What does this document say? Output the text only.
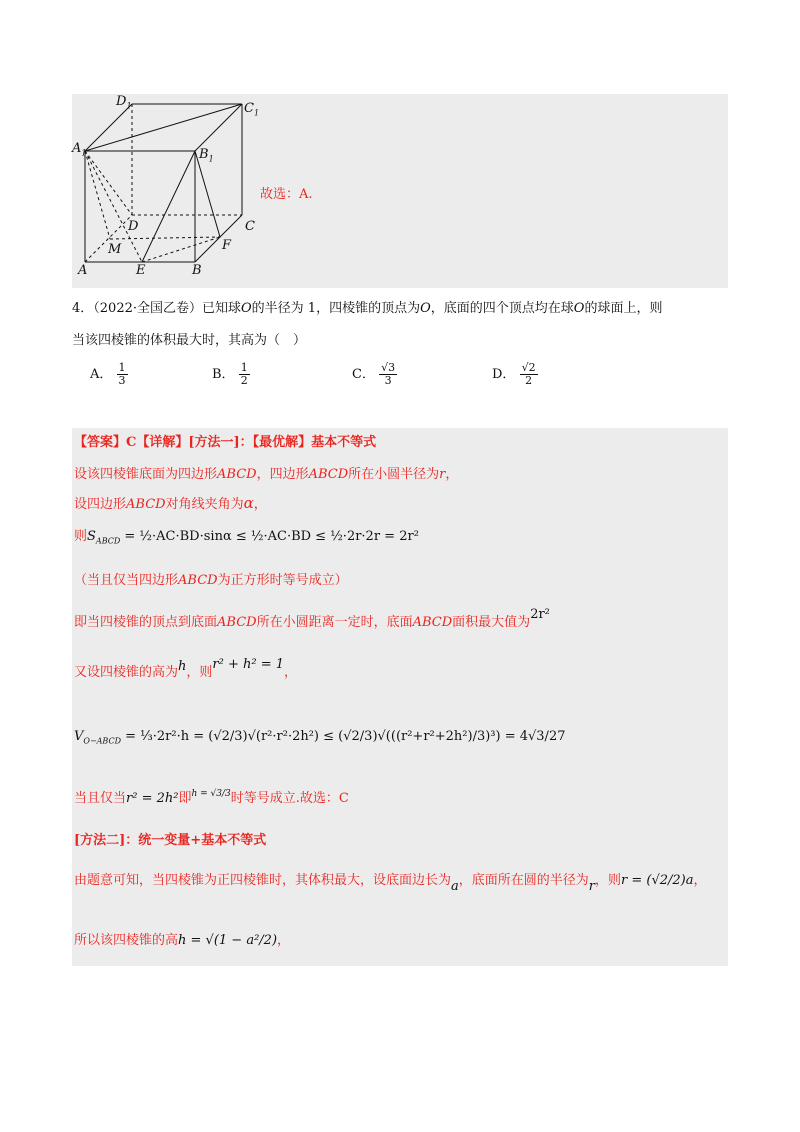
$D_1$	$C_1$
$A_1$	$B_1$
D	C
M	F
A	E	B
故选：A.
4．（2022·全国乙卷）已知球O的半径为 1，四棱锥的顶点为O，底面的四个顶点均在球O的球面上，则
当该四棱锥的体积最大时，其高为（　）
A． $\frac{1}{3}$	B． $\frac{1}{2}$	C． $\frac{√3}{3}$	D． $\frac{√2}{2}$
【答案】C【详解】[方法一]：【最优解】基本不等式
设该四棱锥底面为四边形ABCD，四边形ABCD所在小圆半径为r，
设四边形ABCD对角线夹角为α，
则$S_{ABCD}$ = ½·AC·BD·sinα ≤ ½·AC·BD ≤ ½·2r·2r = 2r²
（当且仅当四边形ABCD为正方形时等号成立）
即当四棱锥的顶点到底面ABCD所在小圆距离一定时，底面ABCD面积最大值为2r²
又设四棱锥的高为h，则r² + h² = 1，
$V_{O-ABCD}$ = ⅓·2r²·h = (√2/3)√(r²·r²·2h²) ≤ (√2/3)√(((r²+r²+2h²)/3)³) = 4√3/27
当且仅当r² = 2h²即$^{h = √3/3}$时等号成立.故选：C
[方法二]：统一变量+基本不等式
由题意可知，当四棱锥为正四棱锥时，其体积最大，设底面边长为a，底面所在圆的半径为r，则r = (√2/2)a，
所以该四棱锥的高h = √(1 − a²/2)，
